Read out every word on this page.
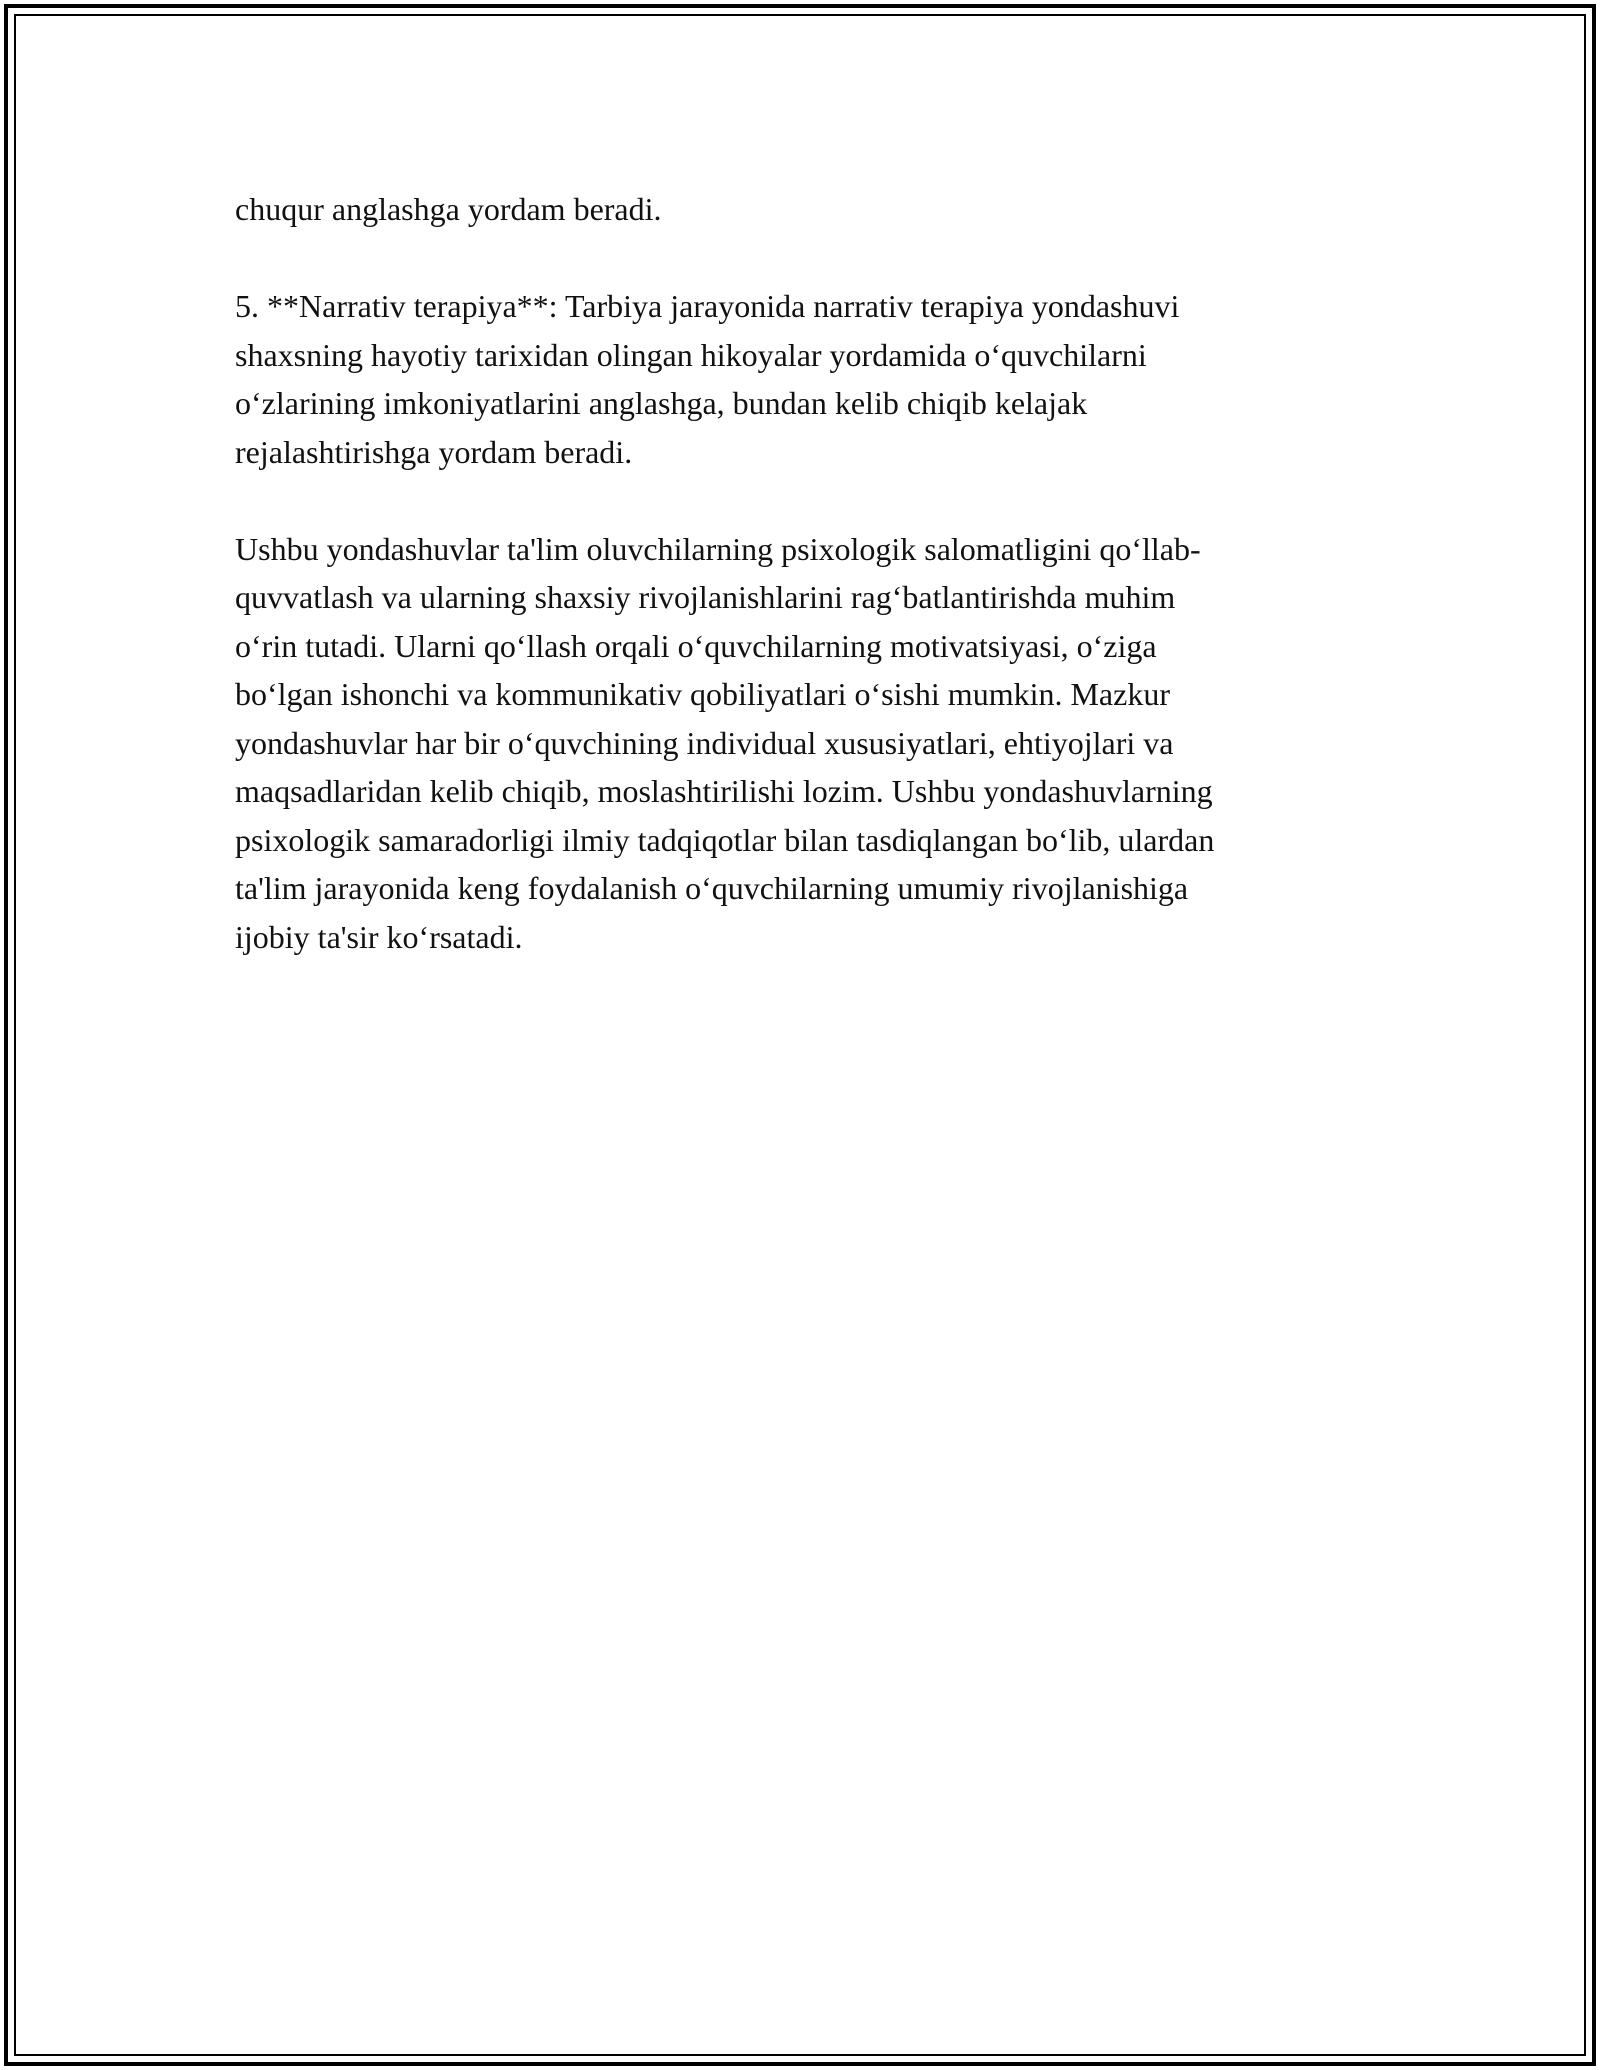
chuqur anglashga yordam beradi.

5. **Narrativ terapiya**: Tarbiya jarayonida narrativ terapiya yondashuvi
shaxsning hayotiy tarixidan olingan hikoyalar yordamida o‘quvchilarni
o‘zlarining imkoniyatlarini anglashga, bundan kelib chiqib kelajak
rejalashtirishga yordam beradi.

Ushbu yondashuvlar ta'lim oluvchilarning psixologik salomatligini qo‘llab-
quvvatlash va ularning shaxsiy rivojlanishlarini rag‘batlantirishda muhim
o‘rin tutadi. Ularni qo‘llash orqali o‘quvchilarning motivatsiyasi, o‘ziga
bo‘lgan ishonchi va kommunikativ qobiliyatlari o‘sishi mumkin. Mazkur
yondashuvlar har bir o‘quvchining individual xususiyatlari, ehtiyojlari va
maqsadlaridan kelib chiqib, moslashtirilishi lozim. Ushbu yondashuvlarning
psixologik samaradorligi ilmiy tadqiqotlar bilan tasdiqlangan bo‘lib, ulardan
ta'lim jarayonida keng foydalanish o‘quvchilarning umumiy rivojlanishiga
ijobiy ta'sir ko‘rsatadi.
